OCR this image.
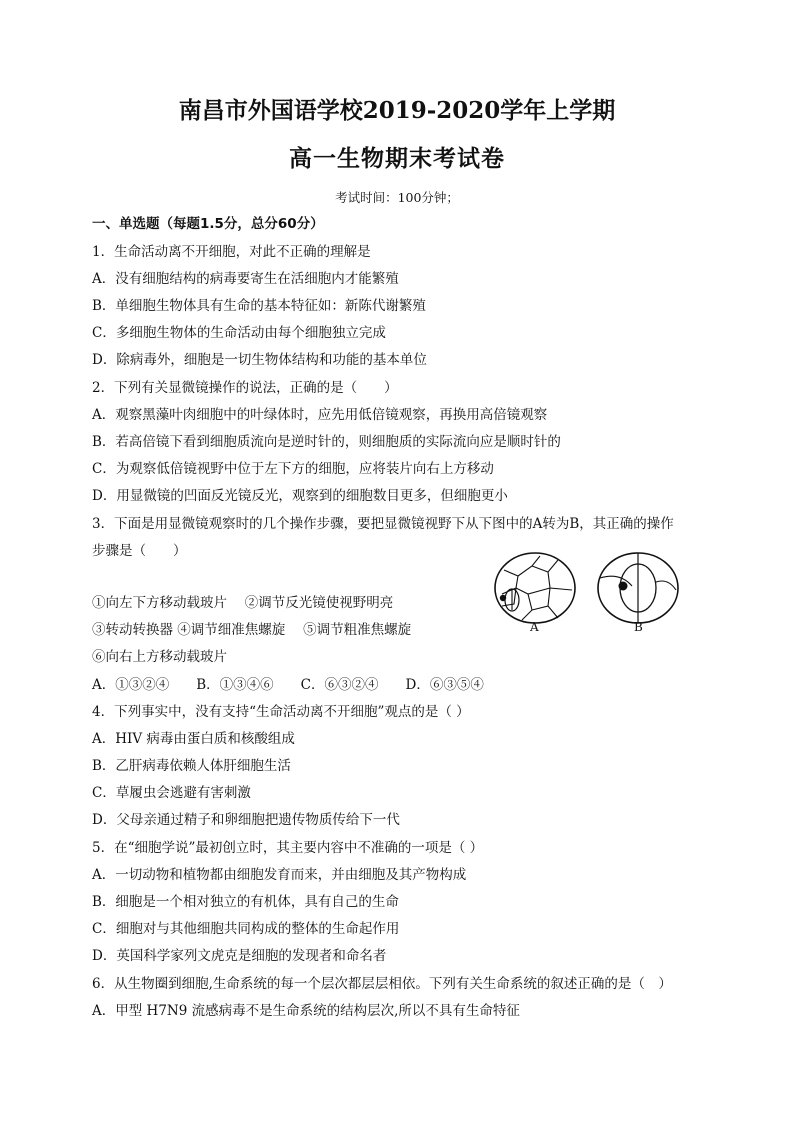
南昌市外国语学校2019-2020学年上学期
高一生物期末考试卷
考试时间：100分钟；
一、单选题（每题1.5分，总分60分）
1．生命活动离不开细胞，对此不正确的理解是
A．没有细胞结构的病毒要寄生在活细胞内才能繁殖
B．单细胞生物体具有生命的基本特征如：新陈代谢繁殖
C．多细胞生物体的生命活动由每个细胞独立完成
D．除病毒外，细胞是一切生物体结构和功能的基本单位
2．下列有关显微镜操作的说法，正确的是（　　）
A．观察黑藻叶肉细胞中的叶绿体时，应先用低倍镜观察，再换用高倍镜观察
B．若高倍镜下看到细胞质流向是逆时针的，则细胞质的实际流向应是顺时针的
C．为观察低倍镜视野中位于左下方的细胞，应将装片向右上方移动
D．用显微镜的凹面反光镜反光，观察到的细胞数目更多，但细胞更小
3．下面是用显微镜观察时的几个操作步骤，要把显微镜视野下从下图中的A转为B，其正确的操作
步骤是（　　）
A	B
①向左下方移动载玻片　 ②调节反光镜使视野明亮
③转动转换器 ④调节细准焦螺旋　 ⑤调节粗准焦螺旋
⑥向右上方移动载玻片
A．①③②④　　B．①③④⑥　　C．⑥③②④　　D．⑥③⑤④
4．下列事实中，没有支持“生命活动离不开细胞”观点的是（ ）
A．HIV 病毒由蛋白质和核酸组成
B．乙肝病毒依赖人体肝细胞生活
C．草履虫会逃避有害刺激
D．父母亲通过精子和卵细胞把遗传物质传给下一代
5．在“细胞学说”最初创立时，其主要内容中不准确的一项是（ ）
A．一切动物和植物都由细胞发育而来，并由细胞及其产物构成
B．细胞是一个相对独立的有机体，具有自己的生命
C．细胞对与其他细胞共同构成的整体的生命起作用
D．英国科学家列文虎克是细胞的发现者和命名者
6．从生物圈到细胞,生命系统的每一个层次都层层相依。下列有关生命系统的叙述正确的是（　）
A．甲型 H7N9 流感病毒不是生命系统的结构层次,所以不具有生命特征
